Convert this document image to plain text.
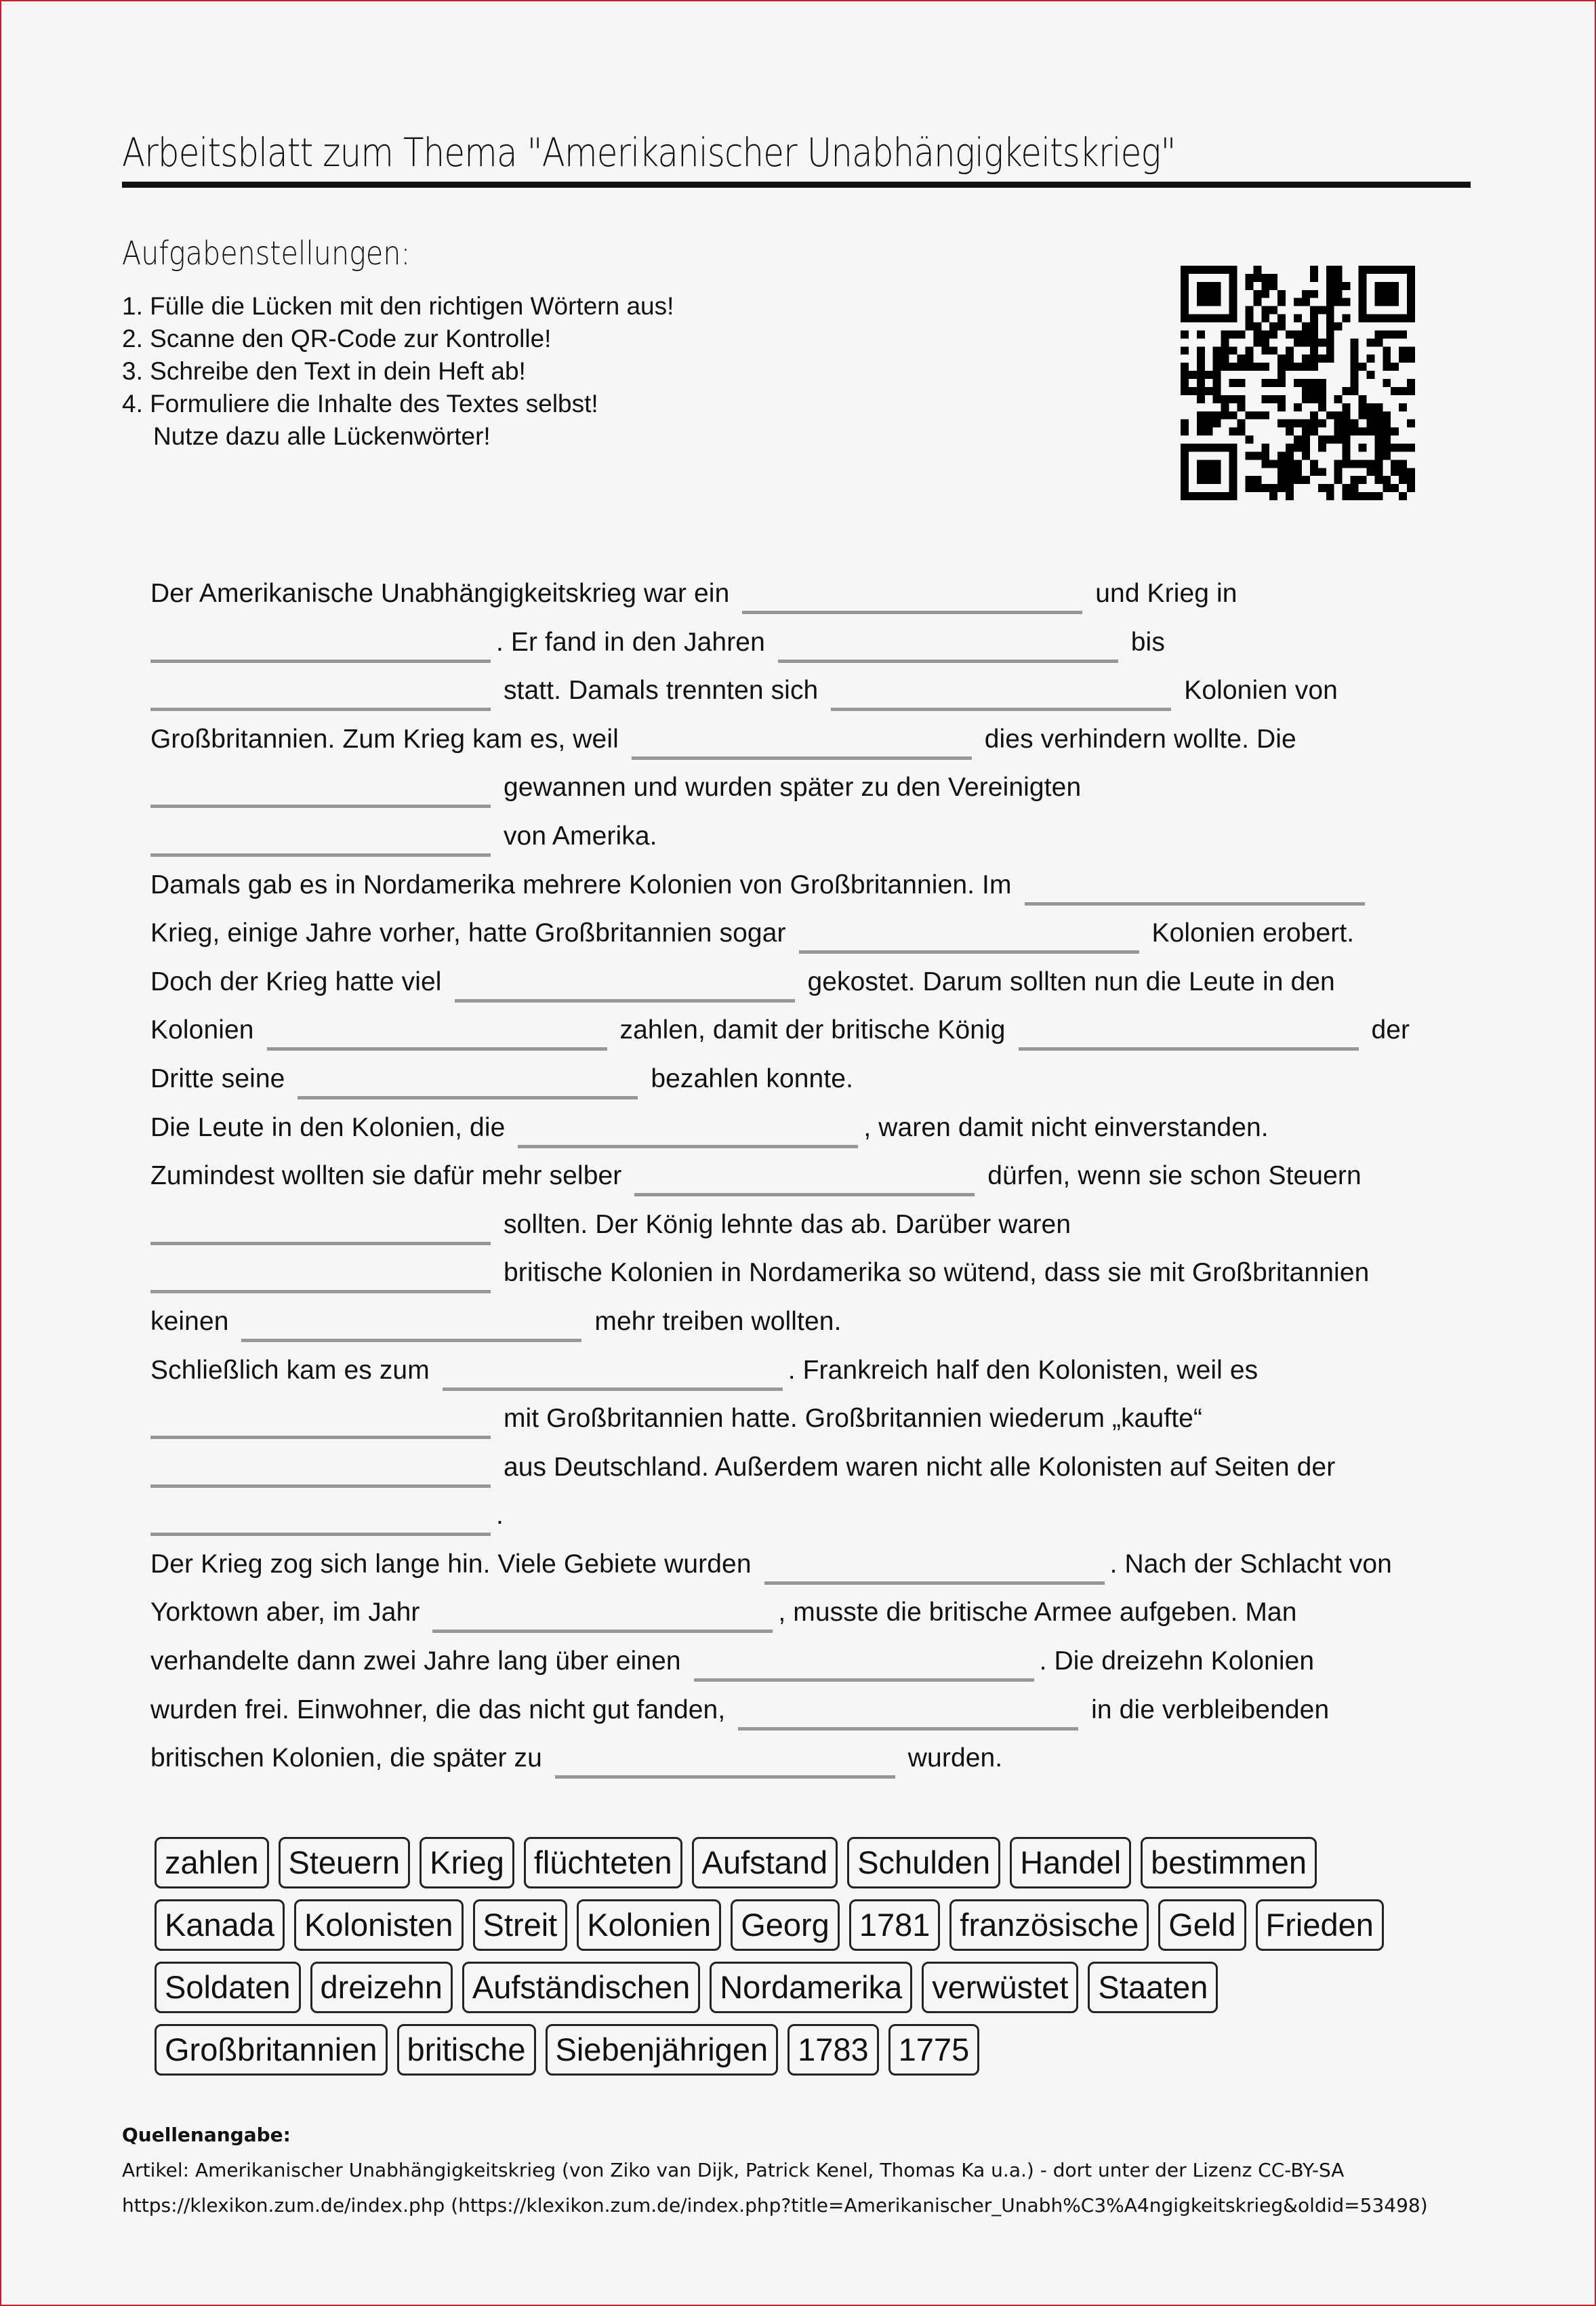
Arbeitsblatt zum Thema "Amerikanischer Unabhängigkeitskrieg"
Aufgabenstellungen:
1. Fülle die Lücken mit den richtigen Wörtern aus!
2. Scanne den QR-Code zur Kontrolle!
3. Schreibe den Text in dein Heft ab!
4. Formuliere die Inhalte des Textes selbst!
Nutze dazu alle Lückenwörter!
Der Amerikanische Unabhängigkeitskrieg war ein	und Krieg in
. Er fand in den Jahren	bis
statt. Damals trennten sich	Kolonien von
Großbritannien. Zum Krieg kam es, weil	dies verhindern wollte. Die
gewannen und wurden später zu den Vereinigten
von Amerika.
Damals gab es in Nordamerika mehrere Kolonien von Großbritannien. Im
Krieg, einige Jahre vorher, hatte Großbritannien sogar	Kolonien erobert.
Doch der Krieg hatte viel	gekostet. Darum sollten nun die Leute in den
Kolonien	zahlen, damit der britische König	der
Dritte seine	bezahlen konnte.
Die Leute in den Kolonien, die	, waren damit nicht einverstanden.
Zumindest wollten sie dafür mehr selber	dürfen, wenn sie schon Steuern
sollten. Der König lehnte das ab. Darüber waren
britische Kolonien in Nordamerika so wütend, dass sie mit Großbritannien
keinen	mehr treiben wollten.
Schließlich kam es zum	. Frankreich half den Kolonisten, weil es
mit Großbritannien hatte. Großbritannien wiederum „kaufte“
aus Deutschland. Außerdem waren nicht alle Kolonisten auf Seiten der
.
Der Krieg zog sich lange hin. Viele Gebiete wurden	. Nach der Schlacht von
Yorktown aber, im Jahr	, musste die britische Armee aufgeben. Man
verhandelte dann zwei Jahre lang über einen	. Die dreizehn Kolonien
wurden frei. Einwohner, die das nicht gut fanden,	in die verbleibenden
britischen Kolonien, die später zu	wurden.
zahlen Steuern Krieg flüchteten Aufstand Schulden Handel bestimmen
Kanada Kolonisten Streit Kolonien Georg 1781 französische Geld Frieden
Soldaten dreizehn Aufständischen Nordamerika verwüstet Staaten
Großbritannien britische Siebenjährigen 1783 1775
Quellenangabe:
Artikel: Amerikanischer Unabhängigkeitskrieg (von Ziko van Dijk, Patrick Kenel, Thomas Ka u.a.) - dort unter der Lizenz CC-BY-SA
https://klexikon.zum.de/index.php (https://klexikon.zum.de/index.php?title=Amerikanischer_Unabh%C3%A4ngigkeitskrieg&oldid=53498)
